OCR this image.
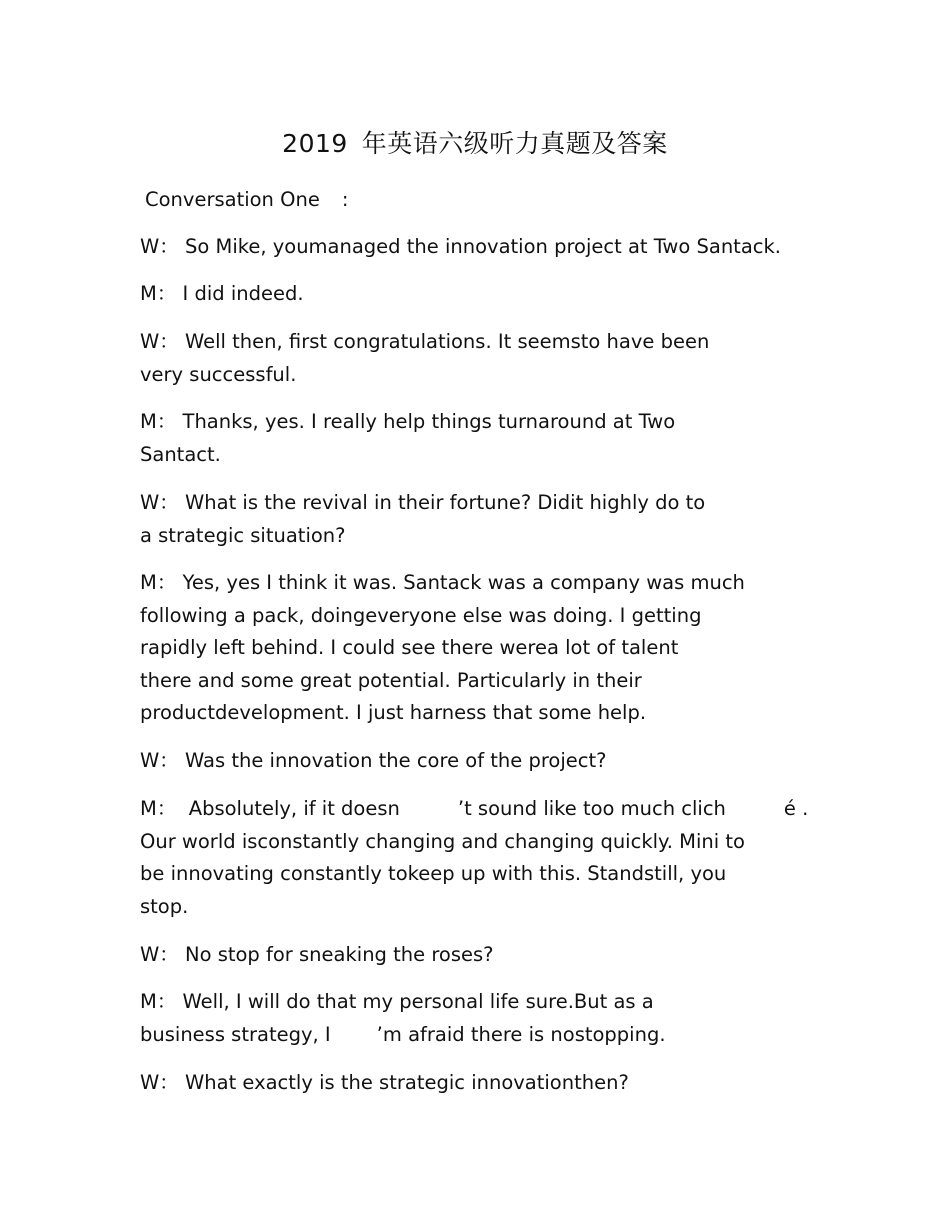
2019 年英语六级听力真题及答案
Conversation One :
W： So Mike, youmanaged the innovation project at Two Santack.
M： I did indeed.
W： Well then, first congratulations. It seemsto have been
very successful.
M： Thanks, yes. I really help things turnaround at Two
Santact.
W： What is the revival in their fortune? Didit highly do to
a strategic situation?
M： Yes, yes I think it was. Santack was a company was much
following a pack, doingeveryone else was doing. I getting
rapidly left behind. I could see there werea lot of talent
there and some great potential. Particularly in their
productdevelopment. I just harness that some help.
W： Was the innovation the core of the project?
M： Absolutely, if it doesn	’t sound like too much clich	é .
Our world isconstantly changing and changing quickly. Mini to
be innovating constantly tokeep up with this. Standstill, you
stop.
W： No stop for sneaking the roses?
M： Well, I will do that my personal life sure.But as a
business strategy, I ’m afraid there is nostopping.
W： What exactly is the strategic innovationthen?
